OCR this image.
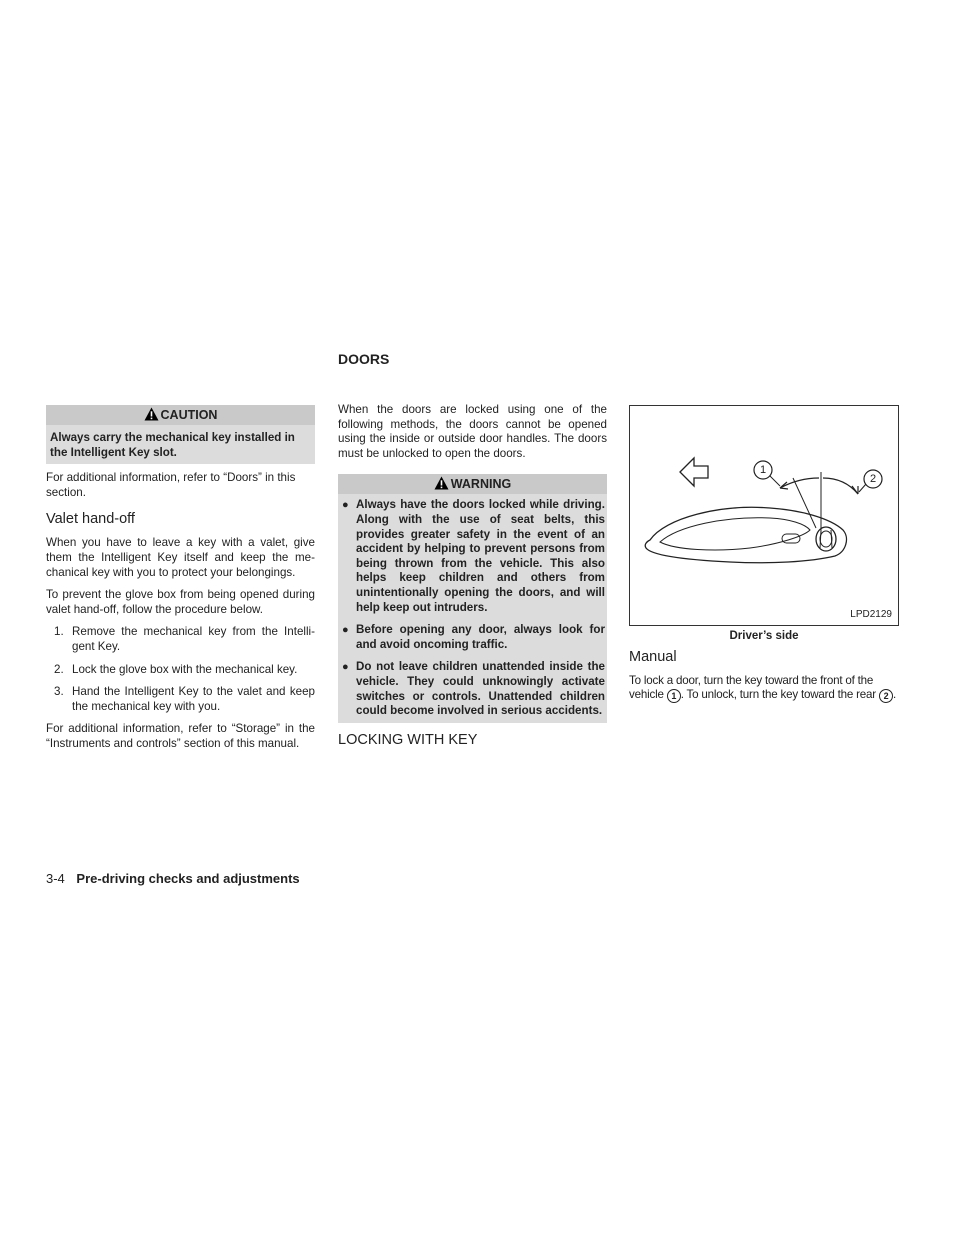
DOORS
CAUTION
Always carry the mechanical key installed in the Intelligent Key slot.

For additional information, refer to “Doors” in this section.

Valet hand-off

When you have to leave a key with a valet, give them the Intelligent Key itself and keep the mechanical key with you to protect your belongings.

To prevent the glove box from being opened during valet hand-off, follow the procedure below.

1. Remove the mechanical key from the Intelligent Key.
2. Lock the glove box with the mechanical key.
3. Hand the Intelligent Key to the valet and keep the mechanical key with you.

For additional information, refer to “Storage” in the “Instruments and controls” section of this manual.

When the doors are locked using one of the following methods, the doors cannot be opened using the inside or outside door handles. The doors must be unlocked to open the doors.

WARNING
● Always have the doors locked while driving. Along with the use of seat belts, this provides greater safety in the event of an accident by helping to prevent persons from being thrown from the vehicle. This also helps keep children and others from unintentionally opening the doors, and will help keep out intruders.
● Before opening any door, always look for and avoid oncoming traffic.
● Do not leave children unattended inside the vehicle. They could unknowingly activate switches or controls. Unattended children could become involved in serious accidents.
LOCKING WITH KEY
1
2
LPD2129
Driver’s side
Manual

To lock a door, turn the key toward the front of the vehicle 1 . To unlock, turn the key toward the rear 2 .

3-4 Pre-driving checks and adjustments
